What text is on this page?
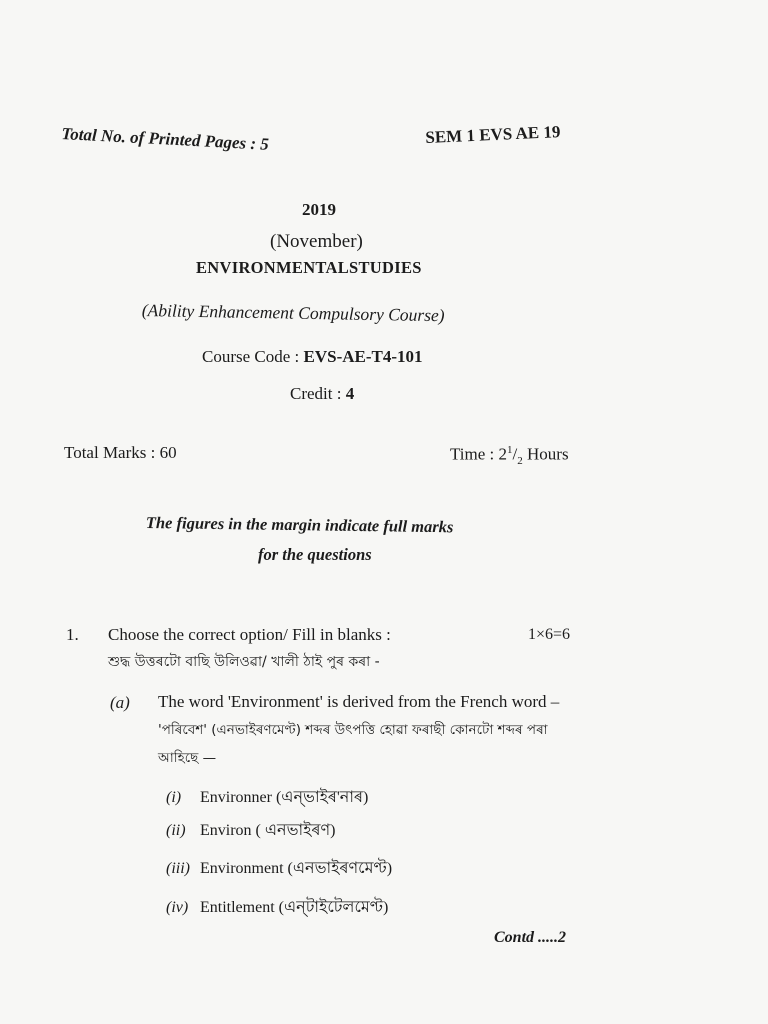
Total No. of Printed Pages : 5	SEM 1 EVS AE 19
2019
(November)
ENVIRONMENTALSTUDIES
(Ability Enhancement Compulsory Course)
Course Code : EVS-AE-T4-101
Credit : 4
Total Marks : 60	Time : $2^1/_2$ Hours
The figures in the margin indicate full marks
for the questions
1. Choose the correct option/ Fill in blanks :	1×6=6
শুদ্ধ উত্তৰটো বাছি উলিওৱা/ খালী ঠাই পুৰ কৰা -
(a) The word 'Environment' is derived from the French word –
'পৰিবেশ' (এনভাইৰণমেণ্ট) শব্দৰ উৎপত্তি হোৱা ফৰাছী কোনটো শব্দৰ পৰা
আহিছে —
(i) Environner (এন্‌ভাইৰ'নাৰ)
(ii) Environ ( এনভাইৰণ)
(iii) Environment (এনভাইৰণমেণ্ট)
(iv) Entitlement (এন্‌টাইটেলমেণ্ট)
Contd .....2
